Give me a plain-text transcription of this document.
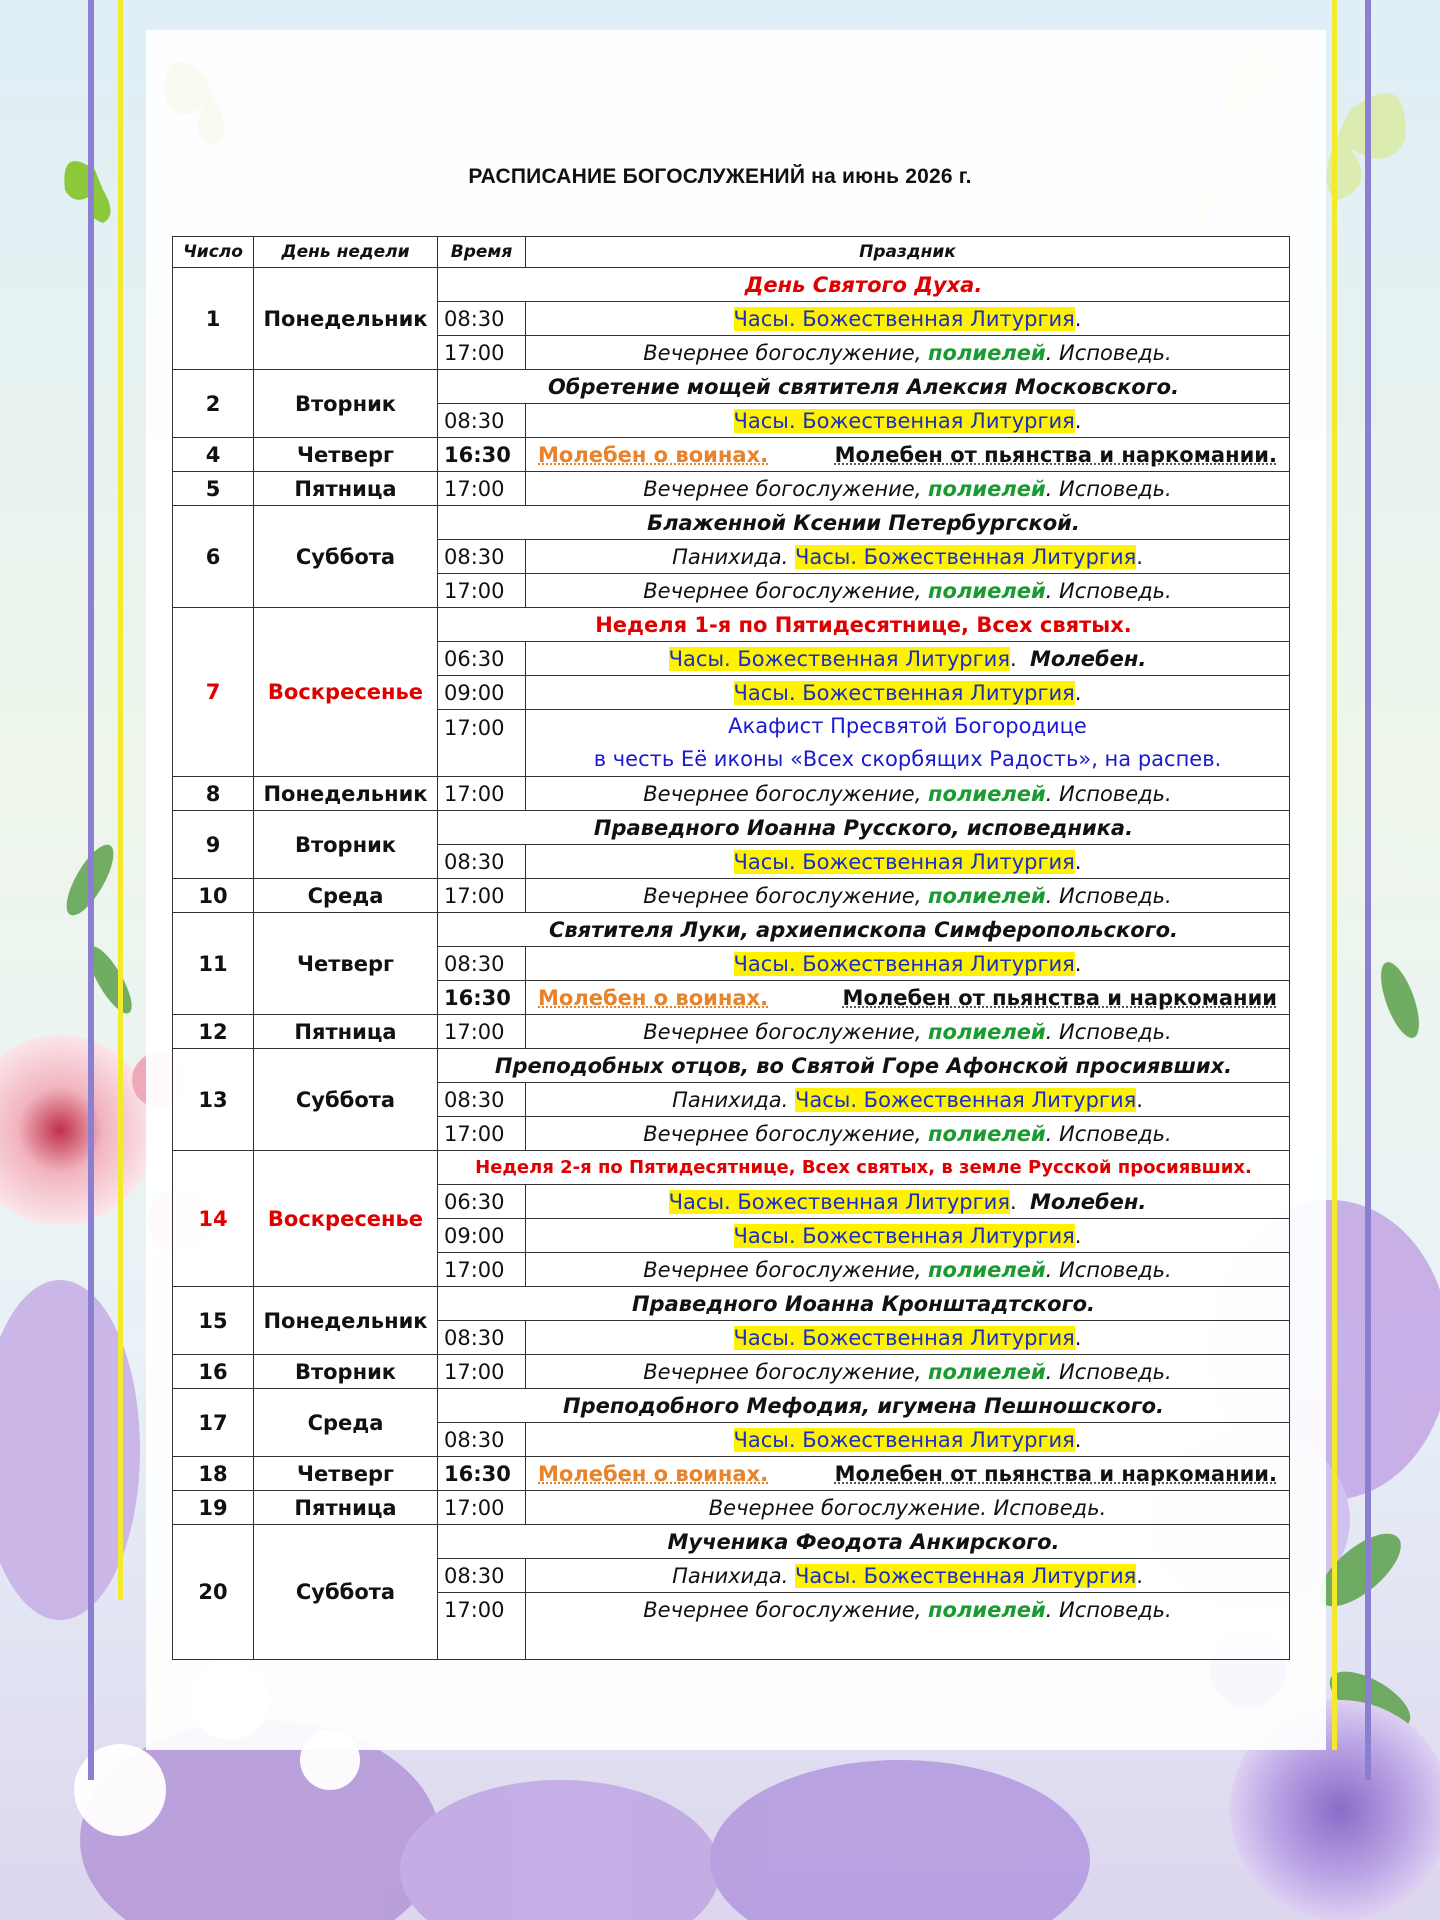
РАСПИСАНИЕ БОГОСЛУЖЕНИЙ на июнь 2026 г.
Число	День недели	Время	Праздник
1	Понедельник	День Святого Духа.	
		08:30	Часы. Божественная Литургия.
		17:00	Вечернее богослужение, полиелей. Исповедь.
2	Вторник	Обретение мощей святителя Алексия Московского.	
		08:30	Часы. Божественная Литургия.
4	Четверг	16:30	Молебен о воинах. Молебен от пьянства и наркомании.

5	Пятница	17:00	Вечернее богослужение, полиелей. Исповедь.
6	Суббота	Блаженной Ксении Петербургской.	
		08:30	Панихида. Часы. Божественная Литургия.
		17:00	Вечернее богослужение, полиелей. Исповедь.
7	Воскресенье	Неделя 1-я по Пятидесятнице, Всех святых.	
		06:30	Часы. Божественная Литургия. Молебен.
		09:00	Часы. Божественная Литургия.
		17:00	Акафист Пресвятой Богородице
в честь Её иконы «Всех скорбящих Радость», на распев.

8	Понедельник	17:00	Вечернее богослужение, полиелей. Исповедь.
9	Вторник	Праведного Иоанна Русского, исповедника.	
		08:30	Часы. Божественная Литургия.
10	Среда	17:00	Вечернее богослужение, полиелей. Исповедь.
11	Четверг	Святителя Луки, архиепископа Симферопольского.	
		08:30	Часы. Божественная Литургия.
		16:30	Молебен о воинах. Молебен от пьянства и наркомании

12	Пятница	17:00	Вечернее богослужение, полиелей. Исповедь.
13	Суббота	Преподобных отцов, во Святой Горе Афонской просиявших.	
		08:30	Панихида. Часы. Божественная Литургия.
		17:00	Вечернее богослужение, полиелей. Исповедь.
14	Воскресенье	Неделя 2-я по Пятидесятнице, Всех святых, в земле Русской просиявших.	
		06:30	Часы. Божественная Литургия. Молебен.
		09:00	Часы. Божественная Литургия.
		17:00	Вечернее богослужение, полиелей. Исповедь.
15	Понедельник	Праведного Иоанна Кронштадтского.	
		08:30	Часы. Божественная Литургия.
16	Вторник	17:00	Вечернее богослужение, полиелей. Исповедь.
17	Среда	Преподобного Мефодия, игумена Пешношского.	
		08:30	Часы. Божественная Литургия.
18	Четверг	16:30	Молебен о воинах. Молебен от пьянства и наркомании.

19	Пятница	17:00	Вечернее богослужение. Исповедь.
20	Суббота	Мученика Феодота Анкирского.	
		08:30	Панихида. Часы. Божественная Литургия.
		17:00	Вечернее богослужение, полиелей. Исповедь.
